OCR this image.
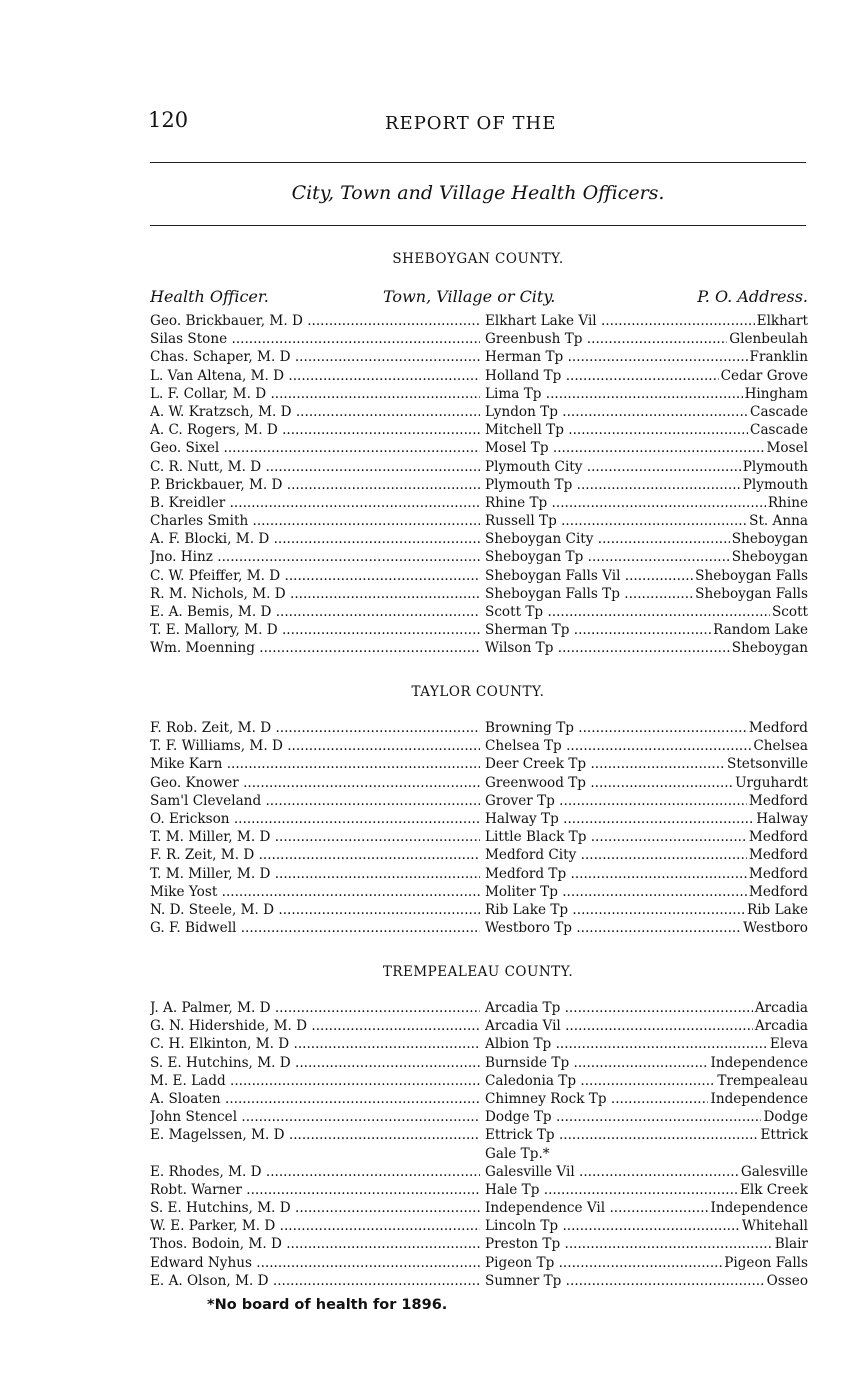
120	REPORT OF THE
City, Town and Village Health Officers.
SHEBOYGAN COUNTY.
Health Officer.	Town, Village or City.	P. O. Address.
Geo. Brickbauer, M. D .....	Elkhart Lake Vil	Elkhart
.....
Silas Stone .....	Greenbush Tp	Glenbeulah
.....
Chas. Schaper, M. D .....	Herman Tp	Franklin
.....
L. Van Altena, M. D .....	Holland Tp	Cedar Grove
.....
L. F. Collar, M. D .....	Lima Tp	Hingham
.....
A. W. Kratzsch, M. D .....	Lyndon Tp	Cascade
.....
A. C. Rogers, M. D .....	Mitchell Tp	Cascade
.....
Geo. Sixel .....	Mosel Tp	Mosel
.....
C. R. Nutt, M. D .....	Plymouth City	Plymouth
.....
P. Brickbauer, M. D .....	Plymouth Tp	Plymouth
.....
B. Kreidler .....	Rhine Tp	Rhine
.....
Charles Smith .....	Russell Tp	St. Anna
.....
A. F. Blocki, M. D .....	Sheboygan City	Sheboygan
.....
Jno. Hinz .....	Sheboygan Tp	Sheboygan
.....
C. W. Pfeiffer, M. D .....	Sheboygan Falls Vil	Sheboygan Falls
.....
R. M. Nichols, M. D .....	Sheboygan Falls Tp	Sheboygan Falls
.....
E. A. Bemis, M. D .....	Scott Tp	Scott
.....
T. E. Mallory, M. D .....	Sherman Tp	Random Lake
.....
Wm. Moenning .....	Wilson Tp	Sheboygan
.....
TAYLOR COUNTY.
F. Rob. Zeit, M. D .....	Browning Tp	Medford
.....
T. F. Williams, M. D .....	Chelsea Tp	Chelsea
.....
Mike Karn .....	Deer Creek Tp	Stetsonville
.....
Geo. Knower .....	Greenwood Tp	Urguhardt
.....
Sam'l Cleveland .....	Grover Tp	Medford
.....
O. Erickson .....	Halway Tp	Halway
.....
T. M. Miller, M. D .....	Little Black Tp	Medford
.....
F. R. Zeit, M. D .....	Medford City	Medford
.....
T. M. Miller, M. D .....	Medford Tp	Medford
.....
Mike Yost .....	Moliter Tp	Medford
.....
N. D. Steele, M. D .....	Rib Lake Tp	Rib Lake
.....
G. F. Bidwell .....	Westboro Tp	Westboro
.....
TREMPEALEAU COUNTY.
J. A. Palmer, M. D .....	Arcadia Tp	Arcadia
.....
G. N. Hidershide, M. D .....	Arcadia Vil	Arcadia
.....
C. H. Elkinton, M. D .....	Albion Tp	Eleva
.....
S. E. Hutchins, M. D .....	Burnside Tp	Independence
.....
M. E. Ladd .....	Caledonia Tp	Trempealeau
.....
A. Sloaten .....	Chimney Rock Tp	Independence
.....
John Stencel .....	Dodge Tp	Dodge
.....
E. Magelssen, M. D .....	Ettrick Tp	Ettrick
.....
Gale Tp.*
E. Rhodes, M. D .....	Galesville Vil	Galesville
.....
Robt. Warner .....	Hale Tp	Elk Creek
.....
S. E. Hutchins, M. D .....	Independence Vil	Independence
.....
W. E. Parker, M. D .....	Lincoln Tp	Whitehall
.....
Thos. Bodoin, M. D .....	Preston Tp	Blair
.....
Edward Nyhus .....	Pigeon Tp	Pigeon Falls
.....
E. A. Olson, M. D .....	Sumner Tp	Osseo
.....
*No board of health for 1896.
